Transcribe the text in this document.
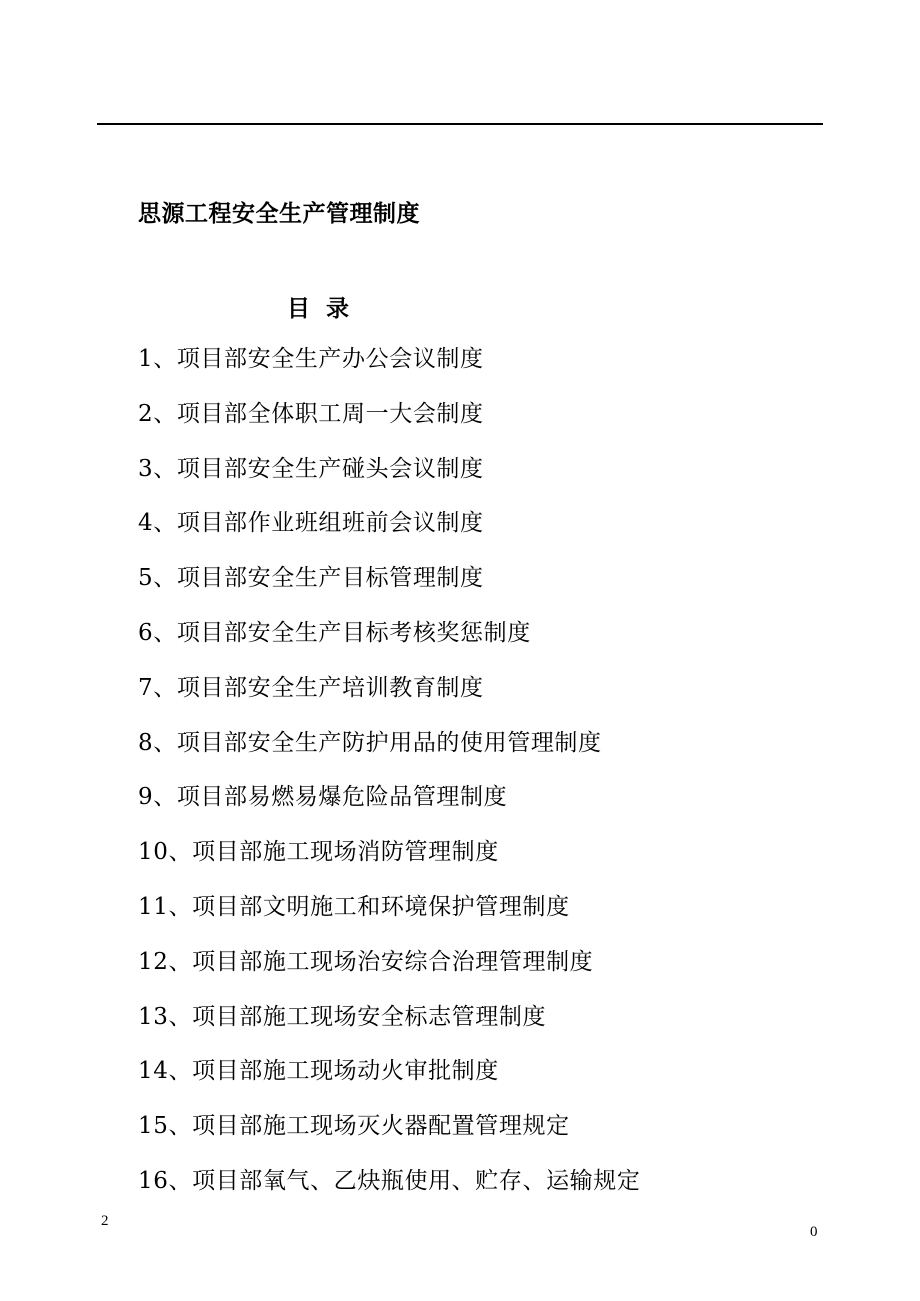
思源工程安全生产管理制度
目  录
1、项目部安全生产办公会议制度
2、项目部全体职工周一大会制度
3、项目部安全生产碰头会议制度
4、项目部作业班组班前会议制度
5、项目部安全生产目标管理制度
6、项目部安全生产目标考核奖惩制度
7、项目部安全生产培训教育制度
8、项目部安全生产防护用品的使用管理制度
9、项目部易燃易爆危险品管理制度
10、项目部施工现场消防管理制度
11、项目部文明施工和环境保护管理制度
12、项目部施工现场治安综合治理管理制度
13、项目部施工现场安全标志管理制度
14、项目部施工现场动火审批制度
15、项目部施工现场灭火器配置管理规定
16、项目部氧气、乙炔瓶使用、贮存、运输规定
2
0
